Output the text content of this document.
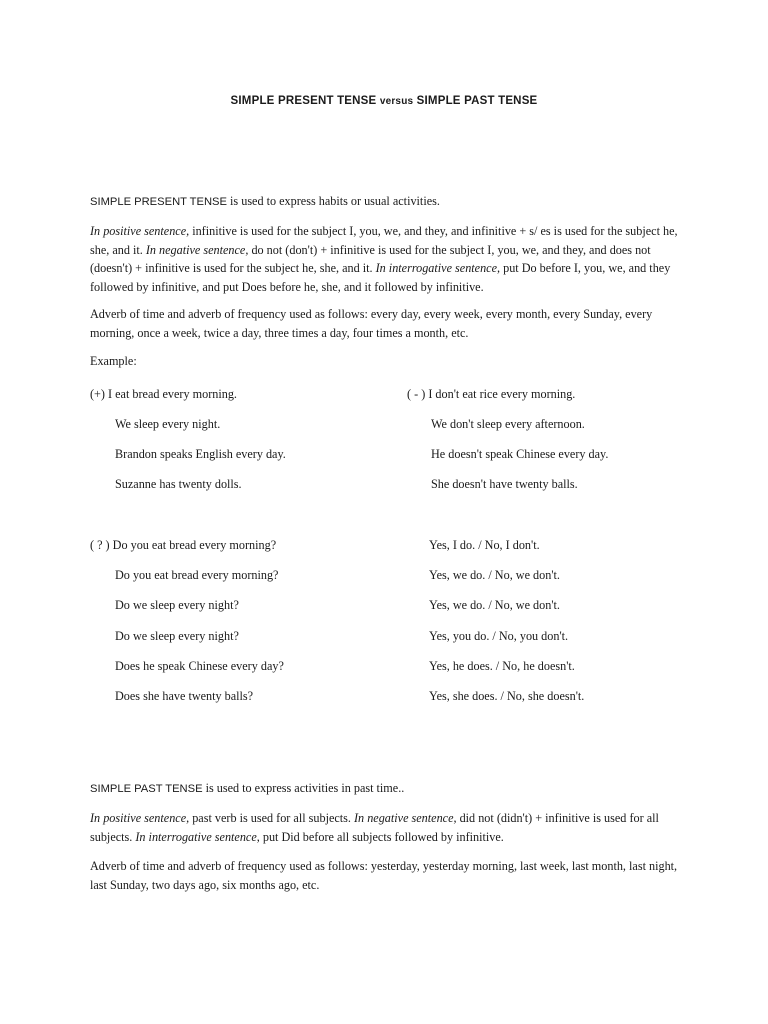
SIMPLE PRESENT TENSE versus SIMPLE PAST TENSE
SIMPLE PRESENT TENSE is used to express habits or usual activities.
In positive sentence, infinitive is used for the subject I, you, we, and they, and infinitive + s/ es is used for the subject he, she, and it. In negative sentence, do not (don't) + infinitive is used for the subject I, you, we, and they, and does not (doesn't) + infinitive is used for the subject he, she, and it. In interrogative sentence, put Do before I, you, we, and they followed by infinitive, and put Does before he, she, and it followed by infinitive.
Adverb of time and adverb of frequency used as follows: every day, every week, every month, every Sunday, every morning, once a week, twice a day, three times a day, four times a month, etc.
Example:
(+) I eat bread every morning.
We sleep every night.
Brandon speaks English every day.
Suzanne has twenty dolls.
( - ) I don't eat rice every morning.
We don't sleep every afternoon.
He doesn't speak Chinese every day.
She doesn't have twenty balls.
( ? ) Do you eat bread every morning?
Do you eat bread every morning?
Do we sleep every night?
Do we sleep every night?
Does he speak Chinese every day?
Does she have twenty balls?
Yes, I do. / No, I don't.
Yes, we do. / No, we don't.
Yes, we do. / No, we don't.
Yes, you do. / No, you don't.
Yes, he does. / No, he doesn't.
Yes, she does. / No, she doesn't.
SIMPLE PAST TENSE is used to express activities in past time..
In positive sentence, past verb is used for all subjects. In negative sentence, did not (didn't) + infinitive is used for all subjects. In interrogative sentence, put Did before all subjects followed by infinitive.
Adverb of time and adverb of frequency used as follows: yesterday, yesterday morning, last week, last month, last night, last Sunday, two days ago, six months ago, etc.
